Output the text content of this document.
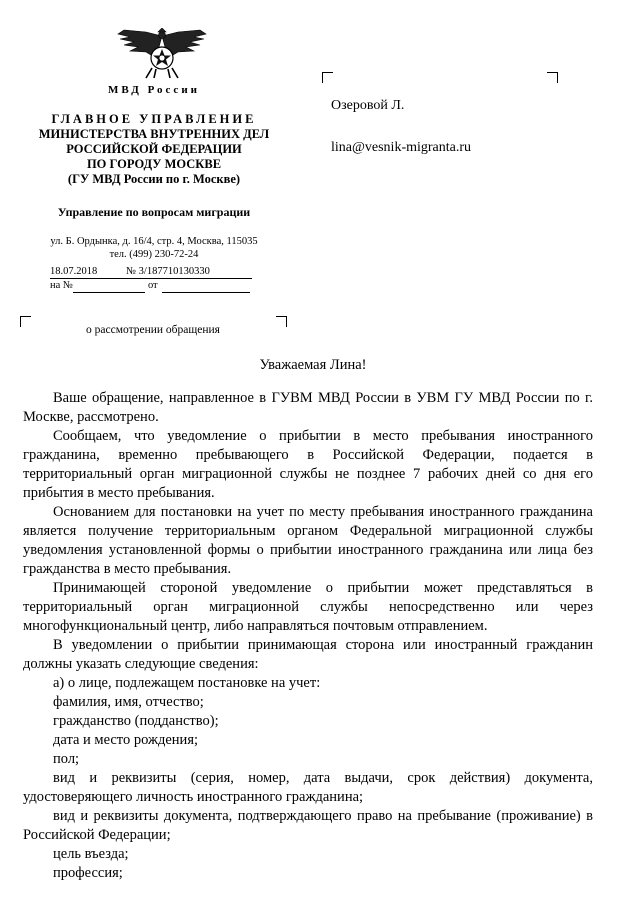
МВД России
ГЛАВНОЕ УПРАВЛЕНИЕ
МИНИСТЕРСТВА ВНУТРЕННИХ ДЕЛ
РОССИЙСКОЙ ФЕДЕРАЦИИ
ПО ГОРОДУ МОСКВЕ
(ГУ МВД России по г. Москве)
Управление по вопросам миграции
ул. Б. Ордынка, д. 16/4, стр. 4, Москва, 115035
тел. (499) 230-72-24
18.07.2018	№ 3/187710130330
на №	от
Озеровой Л.
lina@vesnik-migranta.ru
о рассмотрении обращения
Уважаемая Лина!

Ваше обращение, направленное в ГУВМ МВД России в УВМ ГУ МВД России по г. Москве, рассмотрено.

Сообщаем, что уведомление о прибытии в место пребывания иностранного гражданина, временно пребывающего в Российской Федерации, подается в территориальный орган миграционной службы не позднее 7 рабочих дней со дня его прибытия в место пребывания.

Основанием для постановки на учет по месту пребывания иностранного гражданина является получение территориальным органом Федеральной миграционной службы уведомления установленной формы о прибытии иностранного гражданина или лица без гражданства в место пребывания.

Принимающей стороной уведомление о прибытии может представляться в территориальный орган миграционной службы непосредственно или через многофункциональный центр, либо направляться почтовым отправлением.

В уведомлении о прибытии принимающая сторона или иностранный гражданин должны указать следующие сведения:

а) о лице, подлежащем постановке на учет:

фамилия, имя, отчество;

гражданство (подданство);

дата и место рождения;

пол;

вид и реквизиты (серия, номер, дата выдачи, срок действия) документа, удостоверяющего личность иностранного гражданина;

вид и реквизиты документа, подтверждающего право на пребывание (проживание) в Российской Федерации;

цель въезда;

профессия;
